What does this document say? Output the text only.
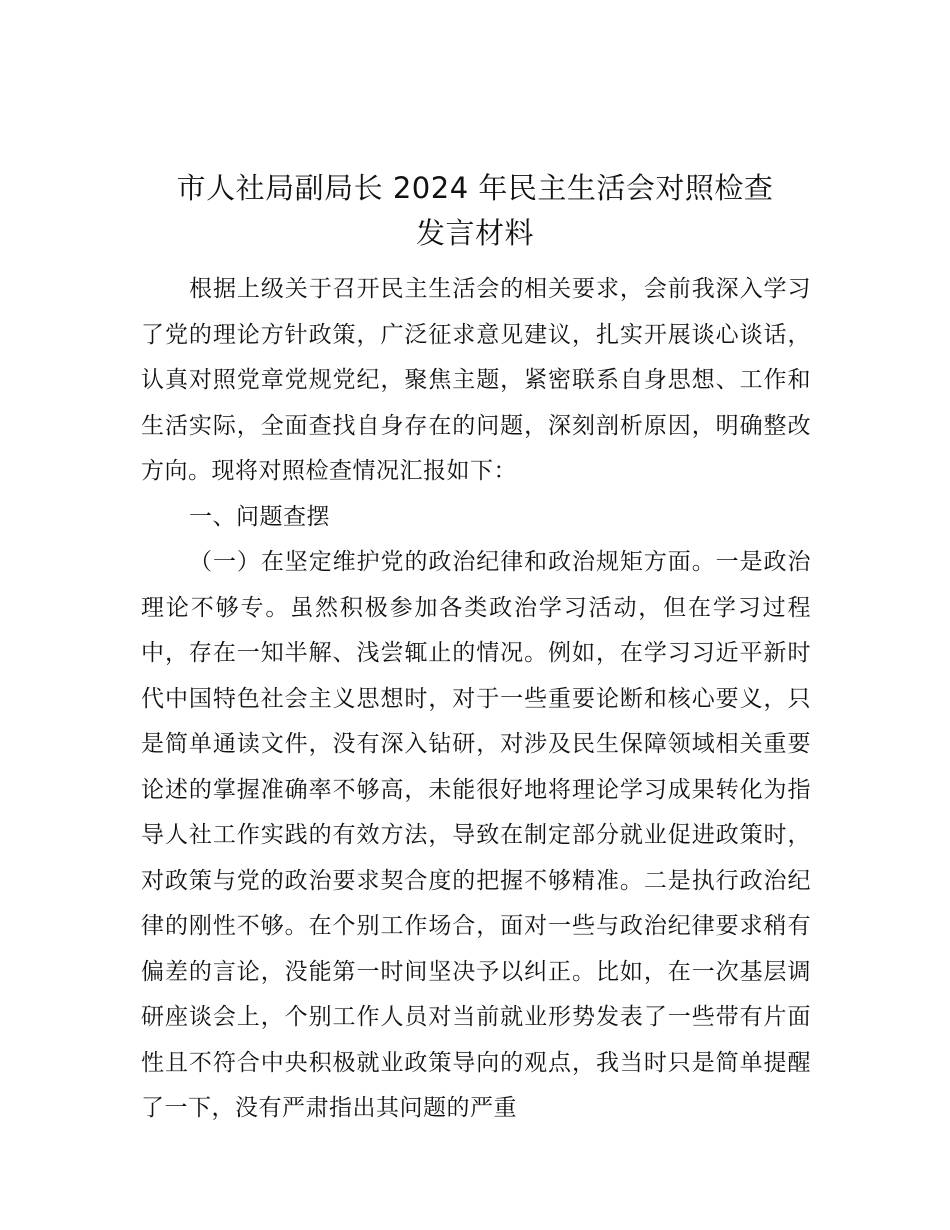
市人社局副局长 2024 年民主生活会对照检查
发言材料

根据上级关于召开民主生活会的相关要求，会前我深入学习了党的理论方针政策，广泛征求意见建议，扎实开展谈心谈话，认真对照党章党规党纪，聚焦主题，紧密联系自身思想、工作和生活实际，全面查找自身存在的问题，深刻剖析原因，明确整改方向。现将对照检查情况汇报如下：

一、问题查摆

（一）在坚定维护党的政治纪律和政治规矩方面。一是政治理论不够专。虽然积极参加各类政治学习活动，但在学习过程中，存在一知半解、浅尝辄止的情况。例如，在学习习近平新时代中国特色社会主义思想时，对于一些重要论断和核心要义，只是简单通读文件，没有深入钻研，对涉及民生保障领域相关重要论述的掌握准确率不够高，未能很好地将理论学习成果转化为指导人社工作实践的有效方法，导致在制定部分就业促进政策时，对政策与党的政治要求契合度的把握不够精准。二是执行政治纪律的刚性不够。在个别工作场合，面对一些与政治纪律要求稍有偏差的言论，没能第一时间坚决予以纠正。比如，在一次基层调研座谈会上，个别工作人员对当前就业形势发表了一些带有片面性且不符合中央积极就业政策导向的观点，我当时只是简单提醒了一下，没有严肃指出其问题的严重
